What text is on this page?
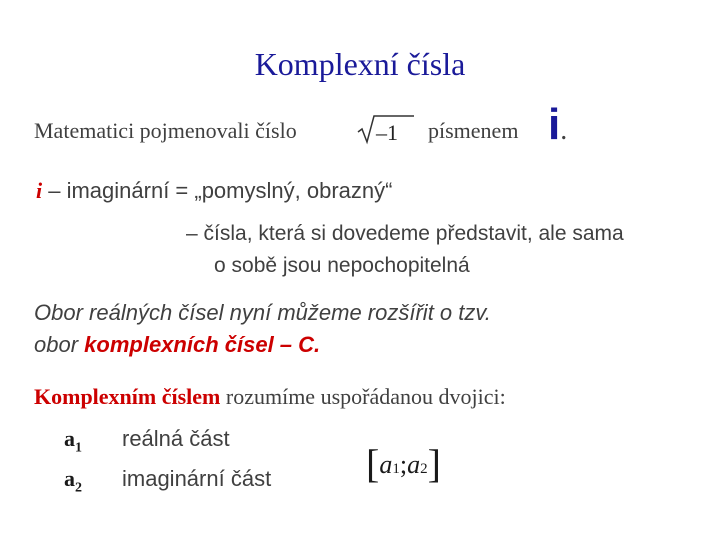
Komplexní čísla
Matematici pojmenovali číslo	–1 písmenem i.
i – imaginární = „pomyslný, obrazný“
– čísla, která si dovedeme představit, ale sama
o sobě jsou nepochopitelná
Obor reálných čísel nyní můžeme rozšířit o tzv.
obor komplexních čísel – C.
Komplexním číslem rozumíme uspořádanou dvojici:
$a_1$ reálná část
$a_2$ imaginární část [a1;a2]
